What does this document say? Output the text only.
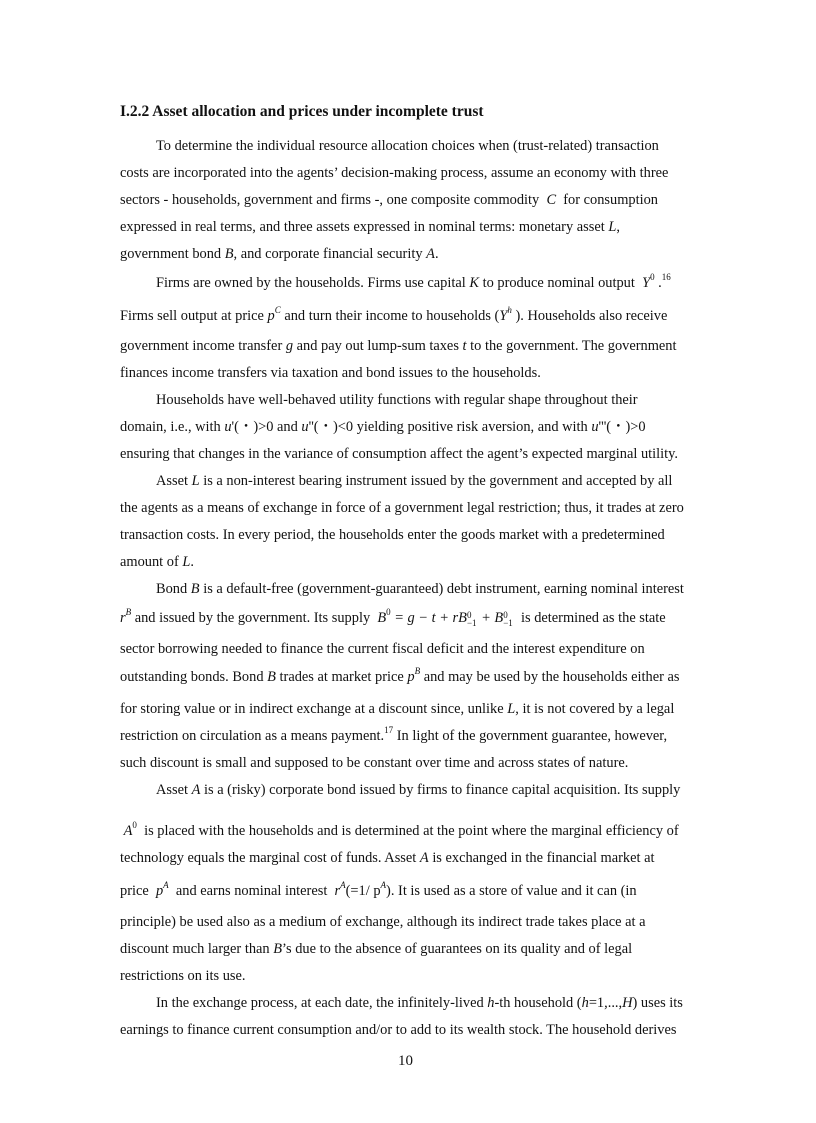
I.2.2 Asset allocation and prices under incomplete trust
To determine the individual resource allocation choices when (trust-related) transaction
costs are incorporated into the agents’ decision-making process, assume an economy with three
sectors - households, government and firms -, one composite commodity C for consumption
expressed in real terms, and three assets expressed in nominal terms: monetary asset L,
government bond B, and corporate financial security A.
Firms are owned by the households. Firms use capital K to produce nominal output $Y^0$ .$^{16}$
Firms sell output at price $p^C$ and turn their income to households ($Y^h$ ). Households also receive
government income transfer g and pay out lump-sum taxes t to the government. The government
finances income transfers via taxation and bond issues to the households.
Households have well-behaved utility functions with regular shape throughout their
domain, i.e., with u'(・)>0 and u''(・)<0 yielding positive risk aversion, and with u'''(・)>0
ensuring that changes in the variance of consumption affect the agent’s expected marginal utility.
Asset L is a non-interest bearing instrument issued by the government and accepted by all
the agents as a means of exchange in force of a government legal restriction; thus, it trades at zero
transaction costs. In every period, the households enter the goods market with a predetermined
amount of L.
Bond B is a default-free (government-guaranteed) debt instrument, earning nominal interest
$r^B$ and issued by the government. Its supply $B^0 = g - t$ + rB 0
−1 + B 0
−1 is determined as the state
sector borrowing needed to finance the current fiscal deficit and the interest expenditure on
outstanding bonds. Bond B trades at market price $p^B$ and may be used by the households either as
for storing value or in indirect exchange at a discount since, unlike L, it is not covered by a legal
restriction on circulation as a means payment.$^{17}$ In light of the government guarantee, however,
such discount is small and supposed to be constant over time and across states of nature.
Asset A is a (risky) corporate bond issued by firms to finance capital acquisition. Its supply
$A^0$ is placed with the households and is determined at the point where the marginal efficiency of
technology equals the marginal cost of funds. Asset A is exchanged in the financial market at
price $p^A$ and earns nominal interest $r^A(=1/$ $p^A$). It is used as a store of value and it can (in
principle) be used also as a medium of exchange, although its indirect trade takes place at a
discount much larger than B’s due to the absence of guarantees on its quality and of legal
restrictions on its use.
In the exchange process, at each date, the infinitely-lived h-th household (h=1,...,H) uses its
earnings to finance current consumption and/or to add to its wealth stock. The household derives
10
